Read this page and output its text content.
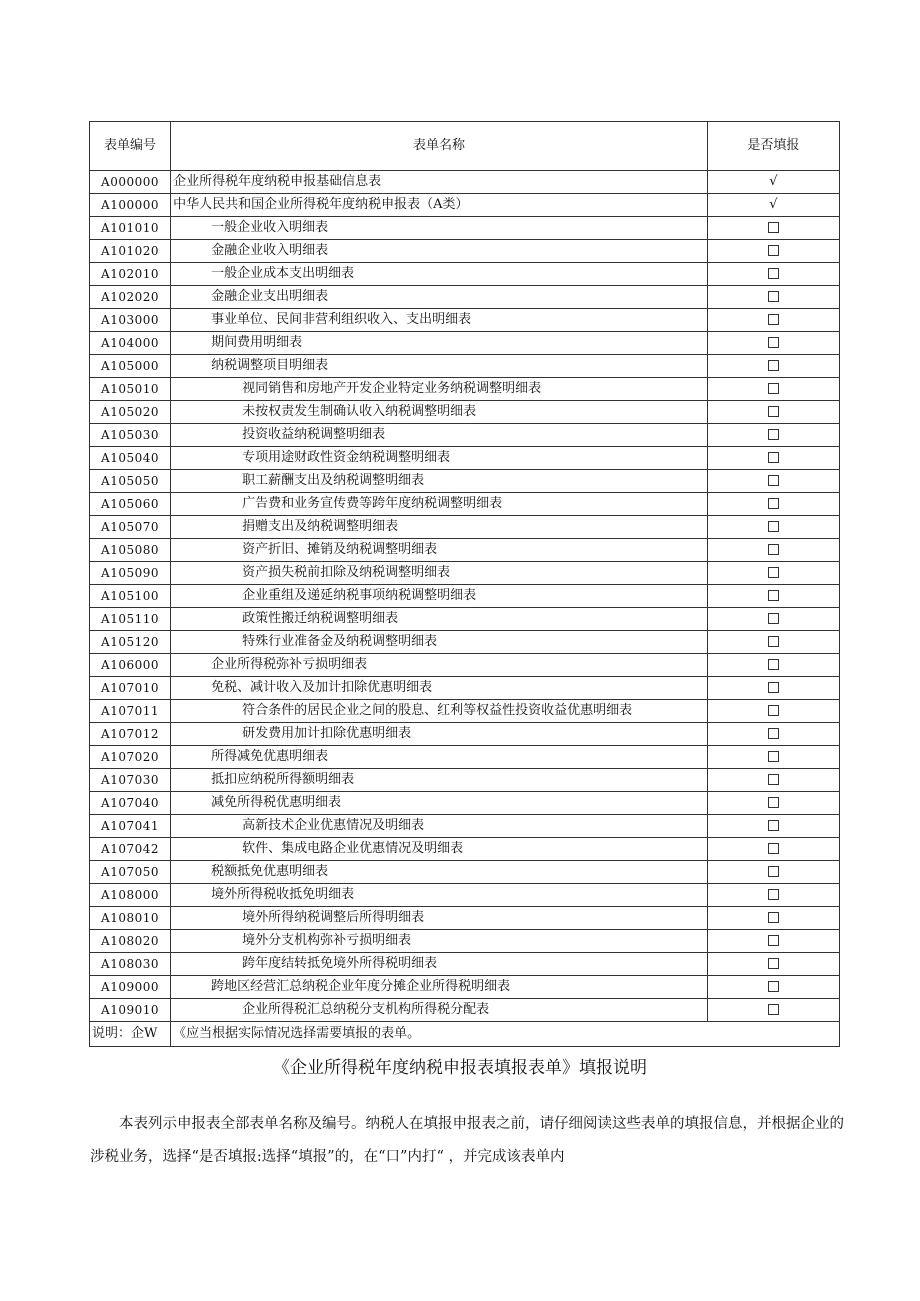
表单编号	表单名称	是否填报
A000000	企业所得税年度纳税申报基础信息表	√
A100000	中华人民共和国企业所得税年度纳税申报表（A类）	√
A101010	一般企业收入明细表	
A101020	金融企业收入明细表	
A102010	一般企业成本支出明细表	
A102020	金融企业支出明细表	
A103000	事业单位、民间非营利组织收入、支出明细表	
A104000	期间费用明细表	
A105000	纳税调整项目明细表	
A105010	视同销售和房地产开发企业特定业务纳税调整明细表	
A105020	未按权责发生制确认收入纳税调整明细表	
A105030	投资收益纳税调整明细表	
A105040	专项用途财政性资金纳税调整明细表	
A105050	职工薪酬支出及纳税调整明细表	
A105060	广告费和业务宣传费等跨年度纳税调整明细表	
A105070	捐赠支出及纳税调整明细表	
A105080	资产折旧、摊销及纳税调整明细表	
A105090	资产损失税前扣除及纳税调整明细表	
A105100	企业重组及递延纳税事项纳税调整明细表	
A105110	政策性搬迁纳税调整明细表	
A105120	特殊行业准备金及纳税调整明细表	
A106000	企业所得税弥补亏损明细表	
A107010	免税、减计收入及加计扣除优惠明细表	
A107011	符合条件的居民企业之间的股息、红利等权益性投资收益优惠明细表	
A107012	研发费用加计扣除优惠明细表	
A107020	所得减免优惠明细表	
A107030	抵扣应纳税所得额明细表	
A107040	减免所得税优惠明细表	
A107041	高新技术企业优惠情况及明细表	
A107042	软件、集成电路企业优惠情况及明细表	
A107050	税额抵免优惠明细表	
A108000	境外所得税收抵免明细表	
A108010	境外所得纳税调整后所得明细表	
A108020	境外分支机构弥补亏损明细表	
A108030	跨年度结转抵免境外所得税明细表	
A109000	跨地区经营汇总纳税企业年度分摊企业所得税明细表	
A109010	企业所得税汇总纳税分支机构所得税分配表	
说明：企W	《应当根据实际情况选择需要填报的表单。	
《企业所得税年度纳税申报表填报表单》填报说明

本表列示申报表全部表单名称及编号。纳税人在填报申报表之前，请仔细阅读这些表单的填报信息，并根据企业的涉税业务，选择“是否填报:选择“填报”的，在“口”内打“ ，并完成该表单内
